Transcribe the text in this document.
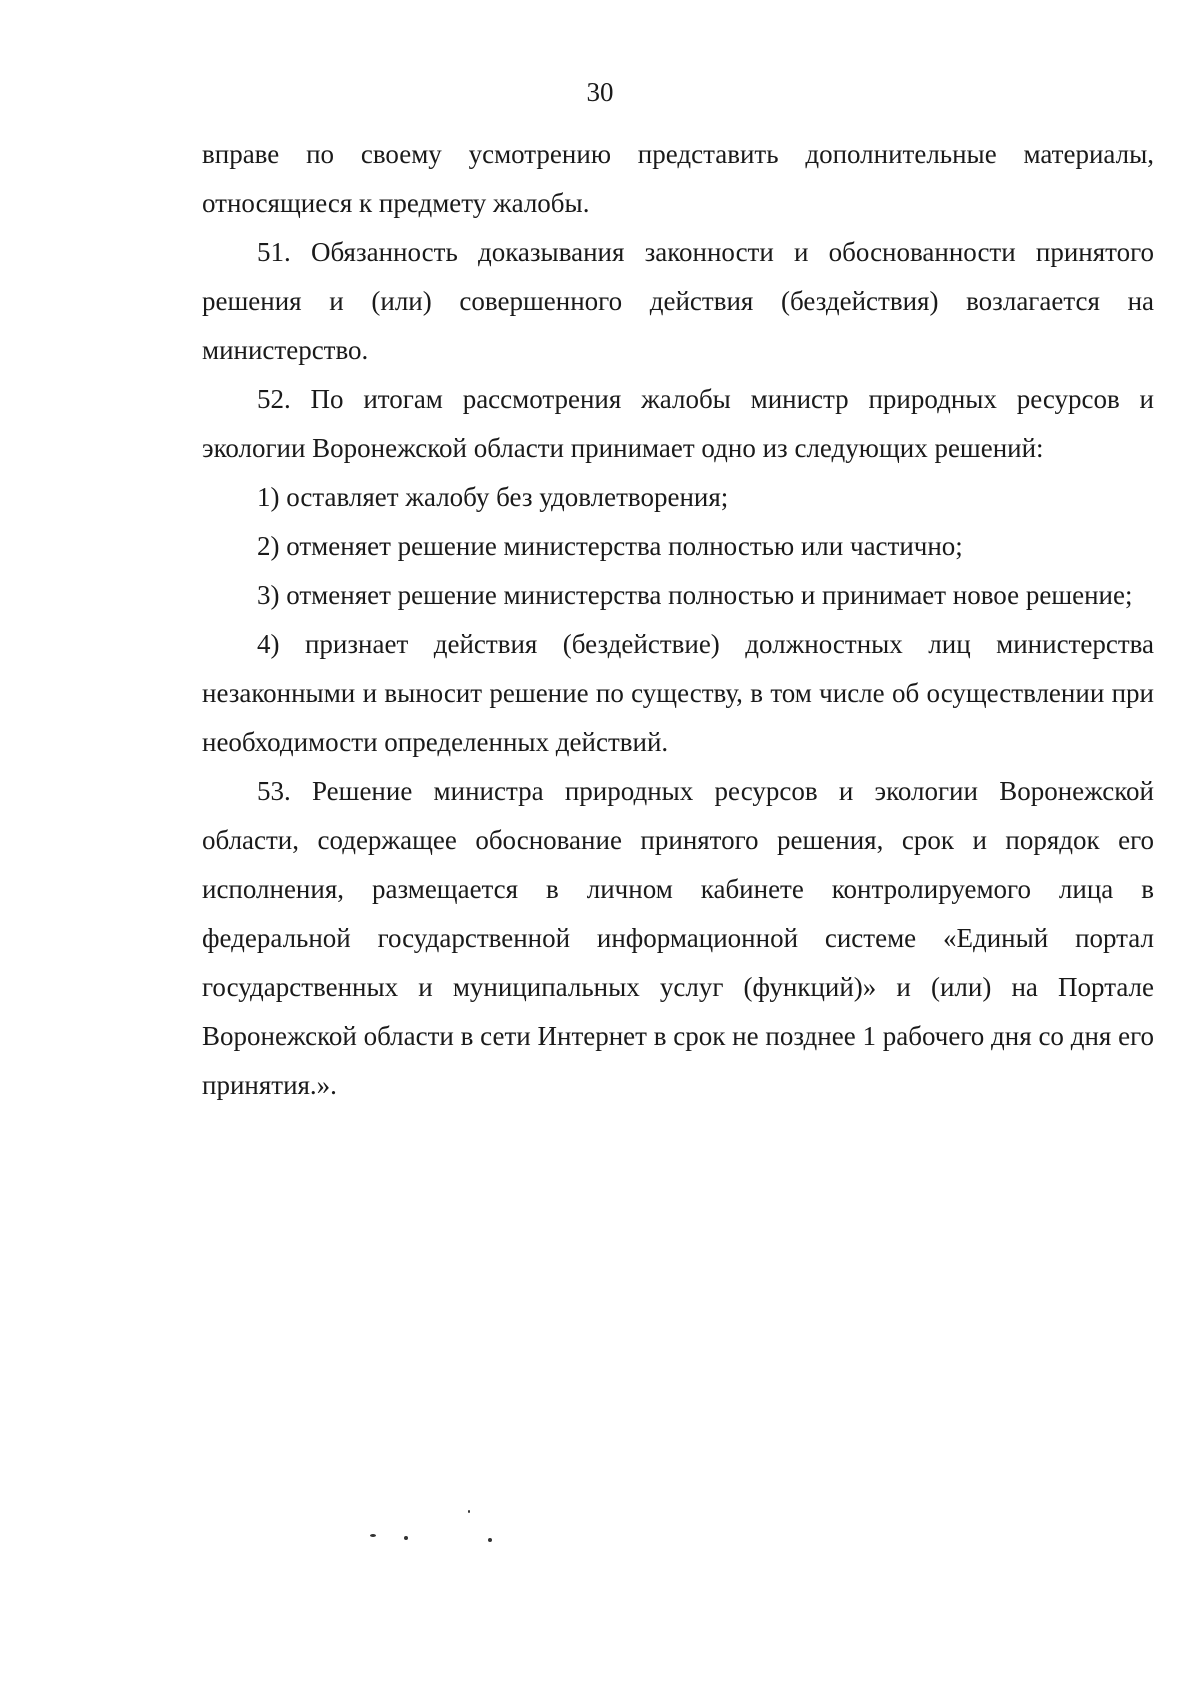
30

вправе по своему усмотрению представить дополнительные материалы, относящиеся к предмету жалобы.

51. Обязанность доказывания законности и обоснованности принятого решения и (или) совершенного действия (бездействия) возлагается на министерство.

52. По итогам рассмотрения жалобы министр природных ресурсов и экологии Воронежской области принимает одно из следующих решений:

1) оставляет жалобу без удовлетворения;

2) отменяет решение министерства полностью или частично;

3) отменяет решение министерства полностью и принимает новое решение;

4) признает действия (бездействие) должностных лиц министерства незаконными и выносит решение по существу, в том числе об осуществлении при необходимости определенных действий.

53. Решение министра природных ресурсов и экологии Воронежской области, содержащее обоснование принятого решения, срок и порядок его исполнения, размещается в личном кабинете контролируемого лица в федеральной государственной информационной системе «Единый портал государственных и муниципальных услуг (функций)» и (или) на Портале Воронежской области в сети Интернет в срок не позднее 1 рабочего дня со дня его принятия.».
